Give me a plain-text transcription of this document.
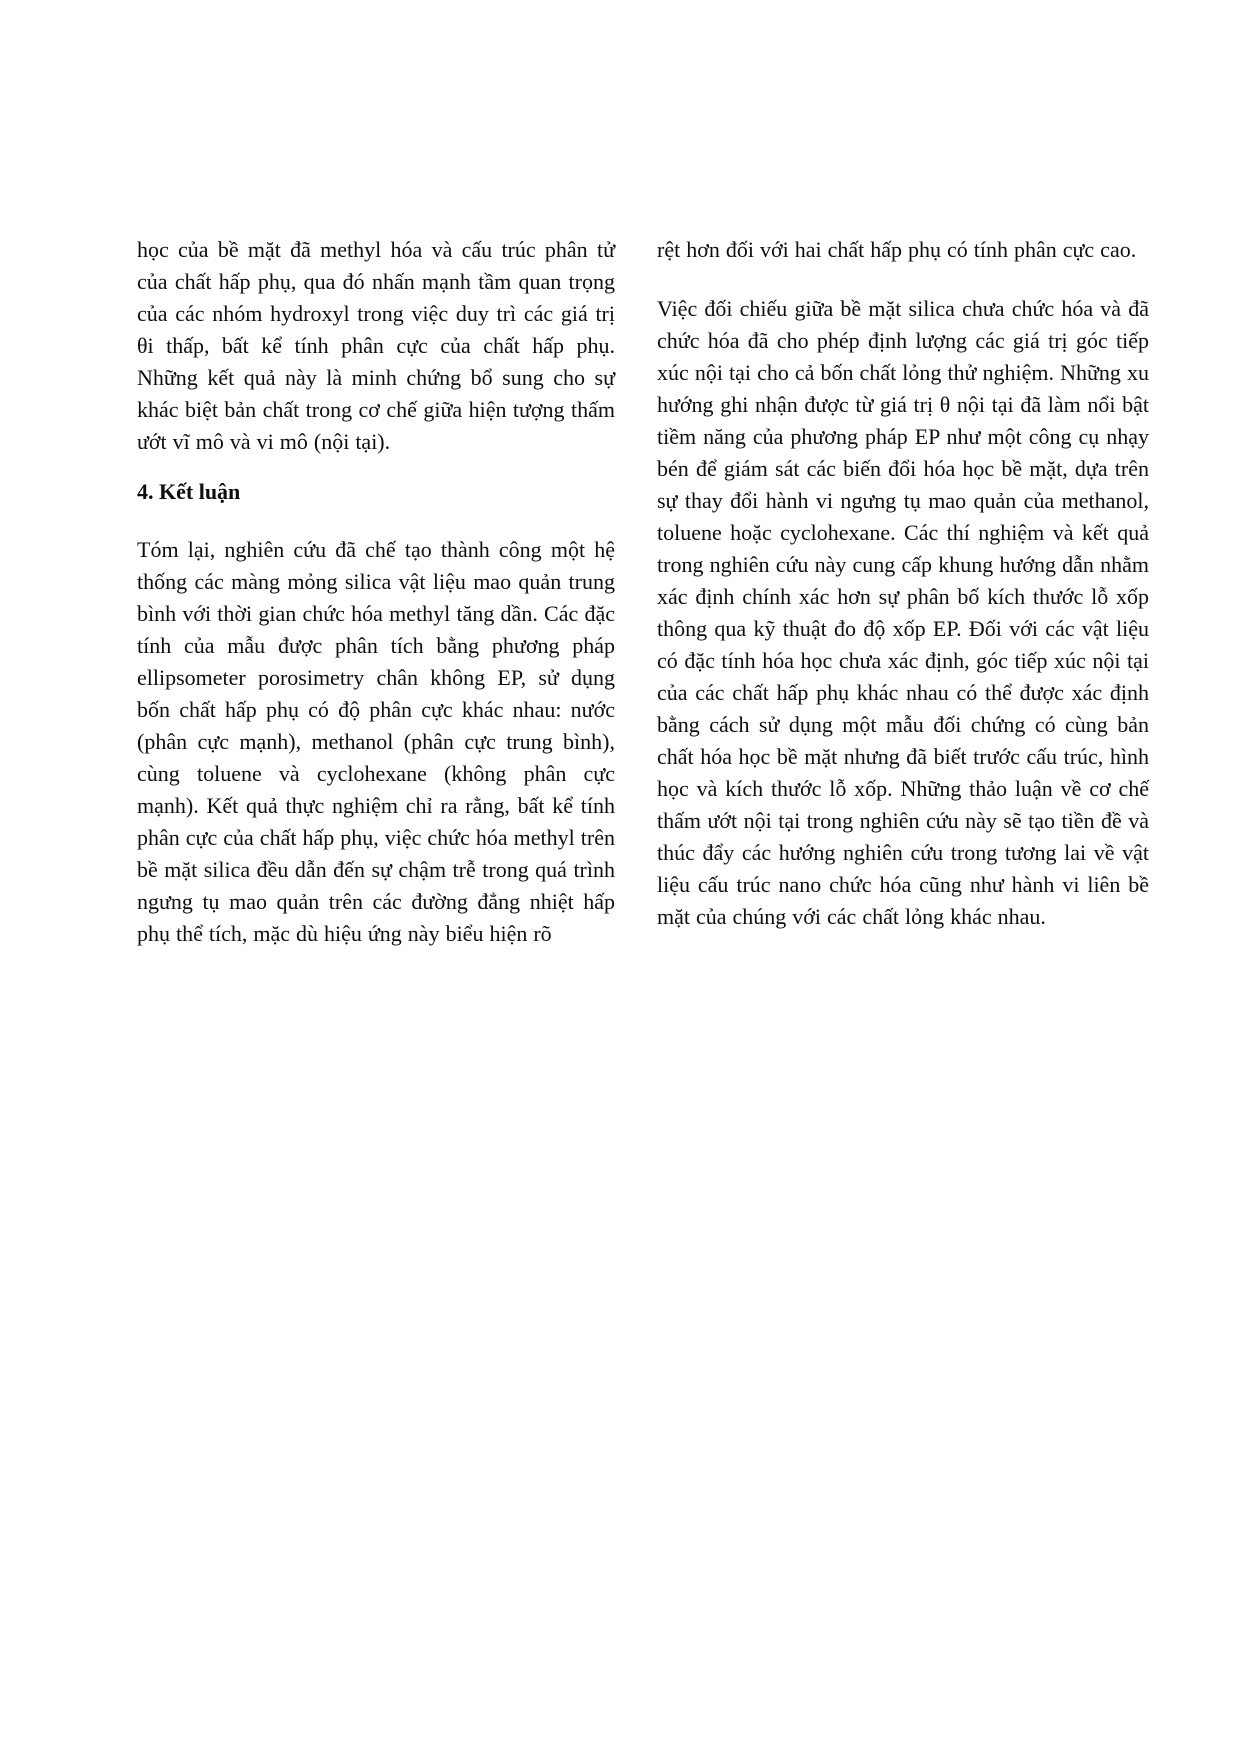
học của bề mặt đã methyl hóa và cấu trúc phân tử của chất hấp phụ, qua đó nhấn mạnh tầm quan trọng của các nhóm hydroxyl trong việc duy trì các giá trị θi thấp, bất kể tính phân cực của chất hấp phụ. Những kết quả này là minh chứng bổ sung cho sự khác biệt bản chất trong cơ chế giữa hiện tượng thấm ướt vĩ mô và vi mô (nội tại).

4. Kết luận

Tóm lại, nghiên cứu đã chế tạo thành công một hệ thống các màng mỏng silica vật liệu mao quản trung bình với thời gian chức hóa methyl tăng dần. Các đặc tính của mẫu được phân tích bằng phương pháp ellipsometer porosimetry chân không EP, sử dụng bốn chất hấp phụ có độ phân cực khác nhau: nước (phân cực mạnh), methanol (phân cực trung bình), cùng toluene và cyclohexane (không phân cực mạnh). Kết quả thực nghiệm chỉ ra rằng, bất kể tính phân cực của chất hấp phụ, việc chức hóa methyl trên bề mặt silica đều dẫn đến sự chậm trễ trong quá trình ngưng tụ mao quản trên các đường đẳng nhiệt hấp phụ thể tích, mặc dù hiệu ứng này biểu hiện rõ

rệt hơn đối với hai chất hấp phụ có tính phân cực cao.

Việc đối chiếu giữa bề mặt silica chưa chức hóa và đã chức hóa đã cho phép định lượng các giá trị góc tiếp xúc nội tại cho cả bốn chất lỏng thử nghiệm. Những xu hướng ghi nhận được từ giá trị θ nội tại đã làm nổi bật tiềm năng của phương pháp EP như một công cụ nhạy bén để giám sát các biến đổi hóa học bề mặt, dựa trên sự thay đổi hành vi ngưng tụ mao quản của methanol, toluene hoặc cyclohexane. Các thí nghiệm và kết quả trong nghiên cứu này cung cấp khung hướng dẫn nhằm xác định chính xác hơn sự phân bố kích thước lỗ xốp thông qua kỹ thuật đo độ xốp EP. Đối với các vật liệu có đặc tính hóa học chưa xác định, góc tiếp xúc nội tại của các chất hấp phụ khác nhau có thể được xác định bằng cách sử dụng một mẫu đối chứng có cùng bản chất hóa học bề mặt nhưng đã biết trước cấu trúc, hình học và kích thước lỗ xốp. Những thảo luận về cơ chế thấm ướt nội tại trong nghiên cứu này sẽ tạo tiền đề và thúc đẩy các hướng nghiên cứu trong tương lai về vật liệu cấu trúc nano chức hóa cũng như hành vi liên bề mặt của chúng với các chất lỏng khác nhau.
